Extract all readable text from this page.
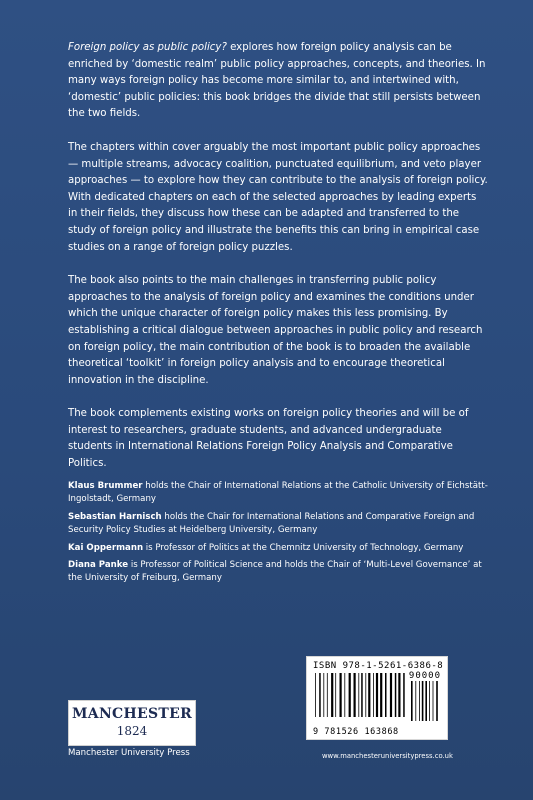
Foreign policy as public policy? explores how foreign policy analysis can be enriched by ‘domestic realm’ public policy approaches, concepts, and theories. In many ways foreign policy has become more similar to, and intertwined with, ‘domestic’ public policies: this book bridges the divide that still persists between the two fields.

The chapters within cover arguably the most important public policy approaches — multiple streams, advocacy coalition, punctuated equilibrium, and veto player approaches — to explore how they can contribute to the analysis of foreign policy. With dedicated chapters on each of the selected approaches by leading experts in their fields, they discuss how these can be adapted and transferred to the study of foreign policy and illustrate the benefits this can bring in empirical case studies on a range of foreign policy puzzles.

The book also points to the main challenges in transferring public policy approaches to the analysis of foreign policy and examines the conditions under which the unique character of foreign policy makes this less promising. By establishing a critical dialogue between approaches in public policy and research on foreign policy, the main contribution of the book is to broaden the available theoretical ‘toolkit’ in foreign policy analysis and to encourage theoretical innovation in the discipline.

The book complements existing works on foreign policy theories and will be of interest to researchers, graduate students, and advanced undergraduate students in International Relations Foreign Policy Analysis and Comparative Politics.

Klaus Brummer holds the Chair of International Relations at the Catholic University of Eichstätt-Ingolstadt, Germany
Sebastian Harnisch holds the Chair for International Relations and Comparative Foreign and Security Policy Studies at Heidelberg University, Germany
Kai Oppermann is Professor of Politics at the Chemnitz University of Technology, Germany
Diana Panke is Professor of Political Science and holds the Chair of ‘Multi-Level Governance’ at the University of Freiburg, Germany
MANCHESTER
1824
Manchester University Press
ISBN 978-1-5261-6386-8
90000
9 781526 163868
www.manchesteruniversitypress.co.uk
